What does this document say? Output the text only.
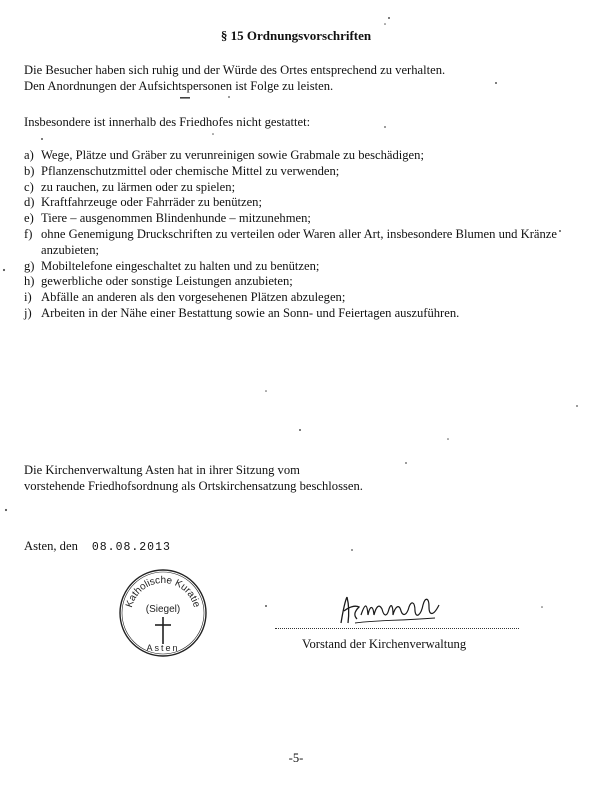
§ 15 Ordnungsvorschriften
Die Besucher haben sich ruhig und der Würde des Ortes entsprechend zu verhalten.
Den Anordnungen der Aufsichtspersonen ist Folge zu leisten.
Insbesondere ist innerhalb des Friedhofes nicht gestattet:
a) Wege, Plätze und Gräber zu verunreinigen sowie Grabmale zu beschädigen;
b) Pflanzenschutzmittel oder chemische Mittel zu verwenden;
c) zu rauchen, zu lärmen oder zu spielen;
d) Kraftfahrzeuge oder Fahrräder zu benützen;
e) Tiere – ausgenommen Blindenhunde – mitzunehmen;
f) ohne Genemigung Druckschriften zu verteilen oder Waren aller Art, insbesondere Blumen und Kränze anzubieten;
g) Mobiltelefone eingeschaltet zu halten und zu benützen;
h) gewerbliche oder sonstige Leistungen anzubieten;
i) Abfälle an anderen als den vorgesehenen Plätzen abzulegen;
j) Arbeiten in der Nähe einer Bestattung sowie an Sonn- und Feiertagen auszuführen.
Die Kirchenverwaltung Asten hat in ihrer Sitzung vom
vorstehende Friedhofsordnung als Ortskirchensatzung beschlossen.
Asten, den 08.08.2013
Katholische Kuratie
(Siegel)
Asten	Vorstand der Kirchenverwaltung
-5-
